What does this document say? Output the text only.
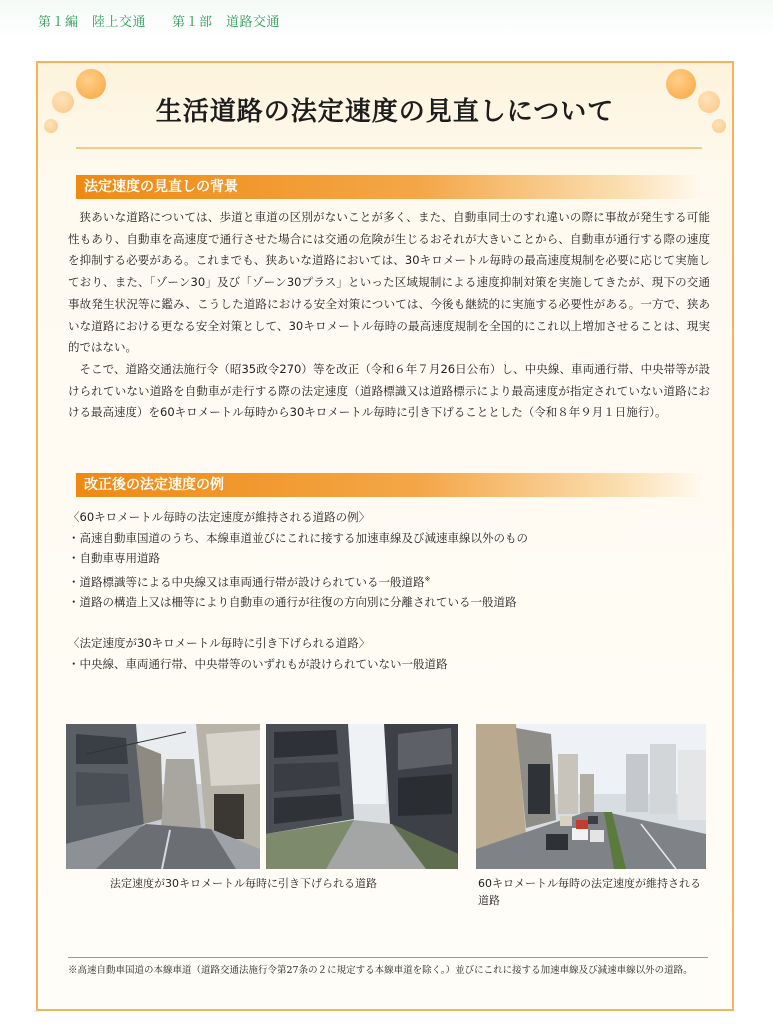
第１編　陸上交通 第１部　道路交通
生活道路の法定速度の見直しについて
法定速度の見直しの背景

狭あいな道路については、歩道と車道の区別がないことが多く、また、自動車同士のすれ違いの際に事故が発生する可能性もあり、自動車を高速度で通行させた場合には交通の危険が生じるおそれが大きいことから、自動車が通行する際の速度を抑制する必要がある。これまでも、狭あいな道路においては、30キロメートル毎時の最高速度規制を必要に応じて実施しており、また、「ゾーン30」及び「ゾーン30プラス」といった区域規制による速度抑制対策を実施してきたが、現下の交通事故発生状況等に鑑み、こうした道路における安全対策については、今後も継続的に実施する必要性がある。一方で、狭あいな道路における更なる安全対策として、30キロメートル毎時の最高速度規制を全国的にこれ以上増加させることは、現実的ではない。

そこで、道路交通法施行令（昭35政令270）等を改正（令和６年７月26日公布）し、中央線、車両通行帯、中央帯等が設けられていない道路を自動車が走行する際の法定速度（道路標識又は道路標示により最高速度が指定されていない道路における最高速度）を60キロメートル毎時から30キロメートル毎時に引き下げることとした（令和８年９月１日施行）。

改正後の法定速度の例

〈60キロメートル毎時の法定速度が維持される道路の例〉

・高速自動車国道のうち、本線車道並びにこれに接する加速車線及び減速車線以外のもの

・自動車専用道路

・道路標識等による中央線又は車両通行帯が設けられている一般道路※

・道路の構造上又は柵等により自動車の通行が往復の方向別に分離されている一般道路

〈法定速度が30キロメートル毎時に引き下げられる道路〉

・中央線、車両通行帯、中央帯等のいずれもが設けられていない一般道路

法定速度が30キロメートル毎時に引き下げられる道路	60キロメートル毎時の法定速度が維持される道路
※高速自動車国道の本線車道（道路交通法施行令第27条の２に規定する本線車道を除く。）並びにこれに接する加速車線及び減速車線以外の道路。
